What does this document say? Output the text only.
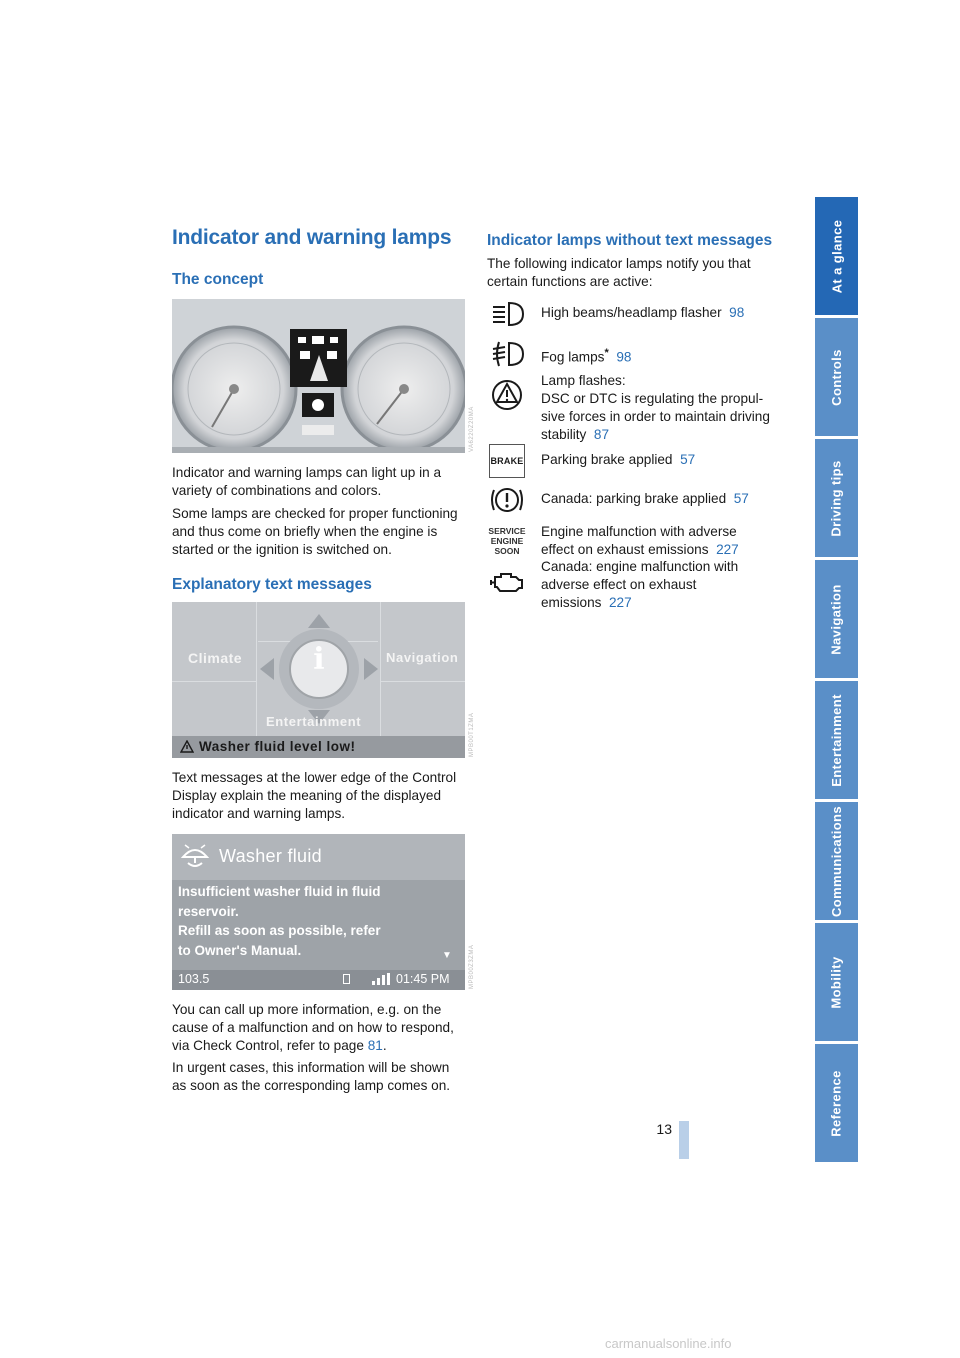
Indicator and warning lamps
The concept
VA6220Z20MA

Indicator and warning lamps can light up in a variety of combinations and colors.

Some lamps are checked for proper functioning and thus come on briefly when the engine is started or the ignition is switched on.

Explanatory text messages
i
Climate	Navigation
Entertainment
Washer fluid level low!	MPB00T1ZMA

Text messages at the lower edge of the Control Display explain the meaning of the displayed indicator and warning lamps.

Washer fluid
Insufficient washer fluid in fluid
reservoir.
Refill as soon as possible, refer
to Owner's Manual.	▼
103.5	01:45 PM	MPB00Z3ZMA

You can call up more information, e.g. on the cause of a malfunction and on how to respond, via Check Control, refer to page 81.

In urgent cases, this information will be shown as soon as the corresponding lamp comes on.

Indicator lamps without text messages

The following indicator lamps notify you that certain functions are active:

High beams/headlamp flasher 98
Fog lamps* 98
Lamp flashes:
DSC or DTC is regulating the propul-
sive forces in order to maintain driving
stability 87
BRAKE Parking brake applied 57
Canada: parking brake applied 57
SERVICE
ENGINE
SOON
Engine malfunction with adverse
effect on exhaust emissions 227
Canada: engine malfunction with
adverse effect on exhaust
emissions 227
At a glance
Controls
Driving tips
Navigation
Entertainment
Communications
Mobility
Reference
13
carmanualsonline.info
